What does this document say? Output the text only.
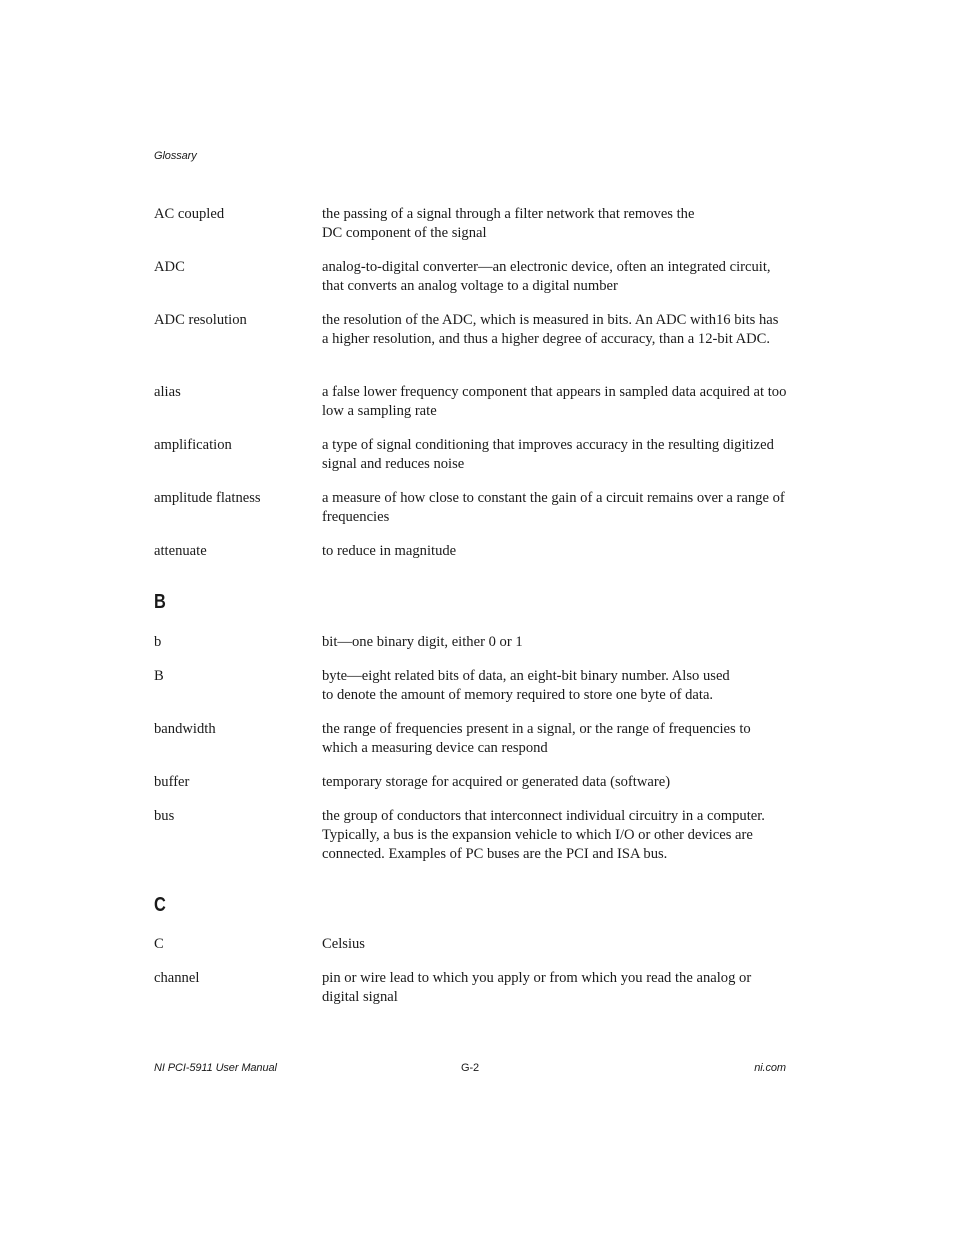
Glossary
AC coupled	the passing of a signal through a filter network that removes the
DC component of the signal
ADC	analog-to-digital converter—an electronic device, often an integrated circuit, that converts an analog voltage to a digital number
ADC resolution	the resolution of the ADC, which is measured in bits. An ADC with16 bits has a higher resolution, and thus a higher degree of accuracy, than a 12-bit ADC.
alias	a false lower frequency component that appears in sampled data acquired at too low a sampling rate
amplification	a type of signal conditioning that improves accuracy in the resulting digitized signal and reduces noise
amplitude flatness	a measure of how close to constant the gain of a circuit remains over a range of frequencies
attenuate	to reduce in magnitude
B
b	bit—one binary digit, either 0 or 1
B	byte—eight related bits of data, an eight-bit binary number. Also used
to denote the amount of memory required to store one byte of data.
bandwidth	the range of frequencies present in a signal, or the range of frequencies to which a measuring device can respond
buffer	temporary storage for acquired or generated data (software)
bus	the group of conductors that interconnect individual circuitry in a computer. Typically, a bus is the expansion vehicle to which I/O or other devices are connected. Examples of PC buses are the PCI and ISA bus.
C
C	Celsius
channel	pin or wire lead to which you apply or from which you read the analog or digital signal
NI PCI-5911 User Manual	G-2	ni.com
